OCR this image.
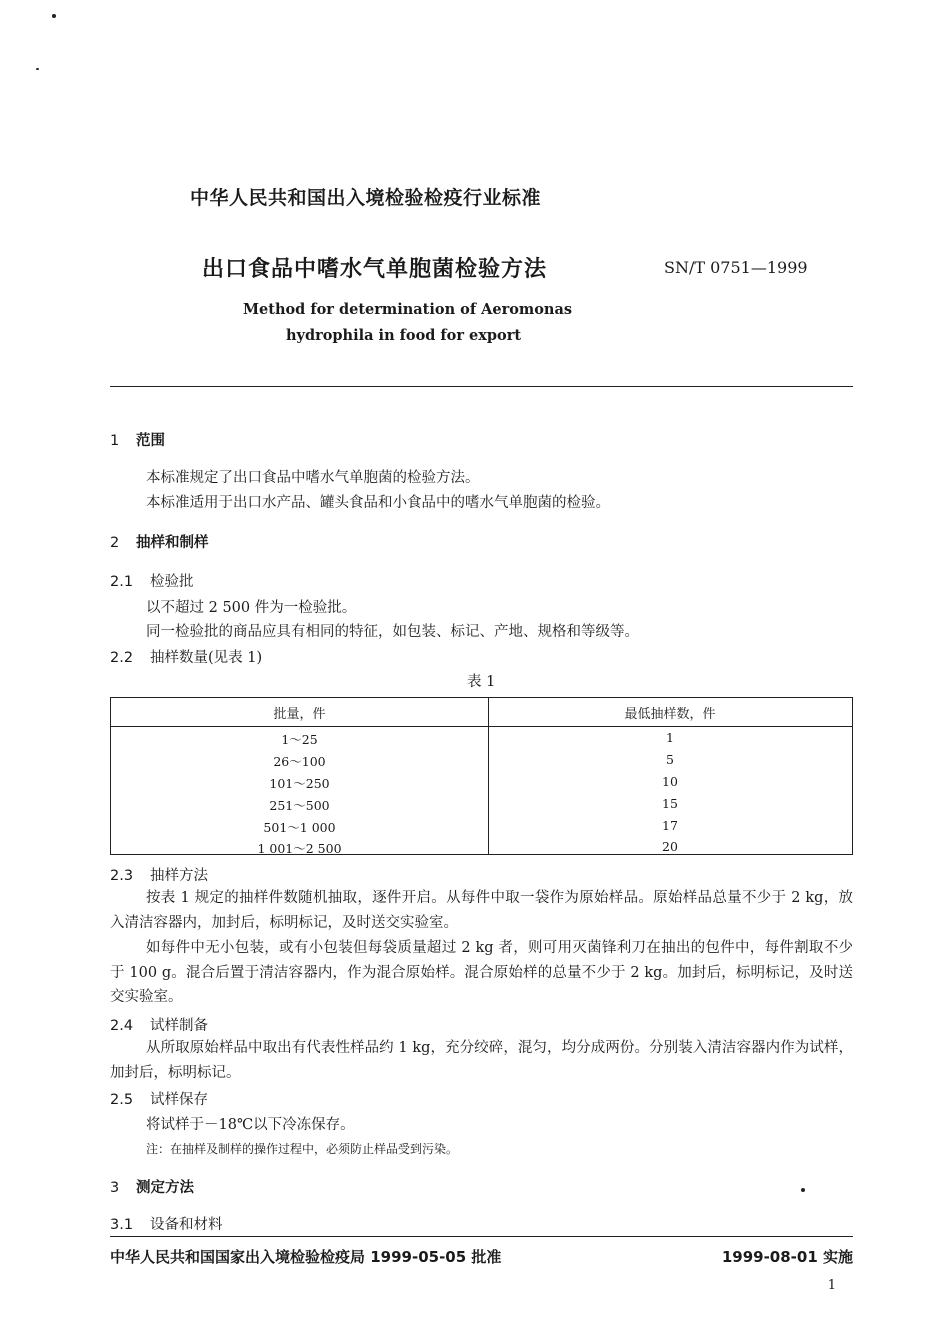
中华人民共和国出入境检验检疫行业标准
出口食品中嗜水气单胞菌检验方法	SN/T 0751—1999
Method for determination of Aeromonas
hydrophila in food for export
1 范围
本标准规定了出口食品中嗜水气单胞菌的检验方法。
本标准适用于出口水产品、罐头食品和小食品中的嗜水气单胞菌的检验。
2 抽样和制样
2.1 检验批
以不超过 2 500 件为一检验批。
同一检验批的商品应具有相同的特征，如包装、标记、产地、规格和等级等。
2.2 抽样数量(见表 1)
表 1
批量，件	最低抽样数，件
1～25	1
26～100	5
101～250	10
251～500	15
501～1 000	17
1 001～2 500	20
2.3 抽样方法
按表 1 规定的抽样件数随机抽取，逐件开启。从每件中取一袋作为原始样品。原始样品总量不少于 2 kg，放入清洁容器内，加封后，标明标记，及时送交实验室。
如每件中无小包装，或有小包装但每袋质量超过 2 kg 者，则可用灭菌锋利刀在抽出的包件中，每件割取不少于 100 g。混合后置于清洁容器内，作为混合原始样。混合原始样的总量不少于 2 kg。加封后，标明标记，及时送交实验室。
2.4 试样制备
从所取原始样品中取出有代表性样品约 1 kg，充分绞碎，混匀，均分成两份。分别装入清洁容器内作为试样，加封后，标明标记。
2.5 试样保存
将试样于－18℃以下冷冻保存。
注：在抽样及制样的操作过程中，必须防止样品受到污染。
3 测定方法
3.1 设备和材料
中华人民共和国国家出入境检验检疫局 1999-05-05 批准	1999-08-01 实施
1
